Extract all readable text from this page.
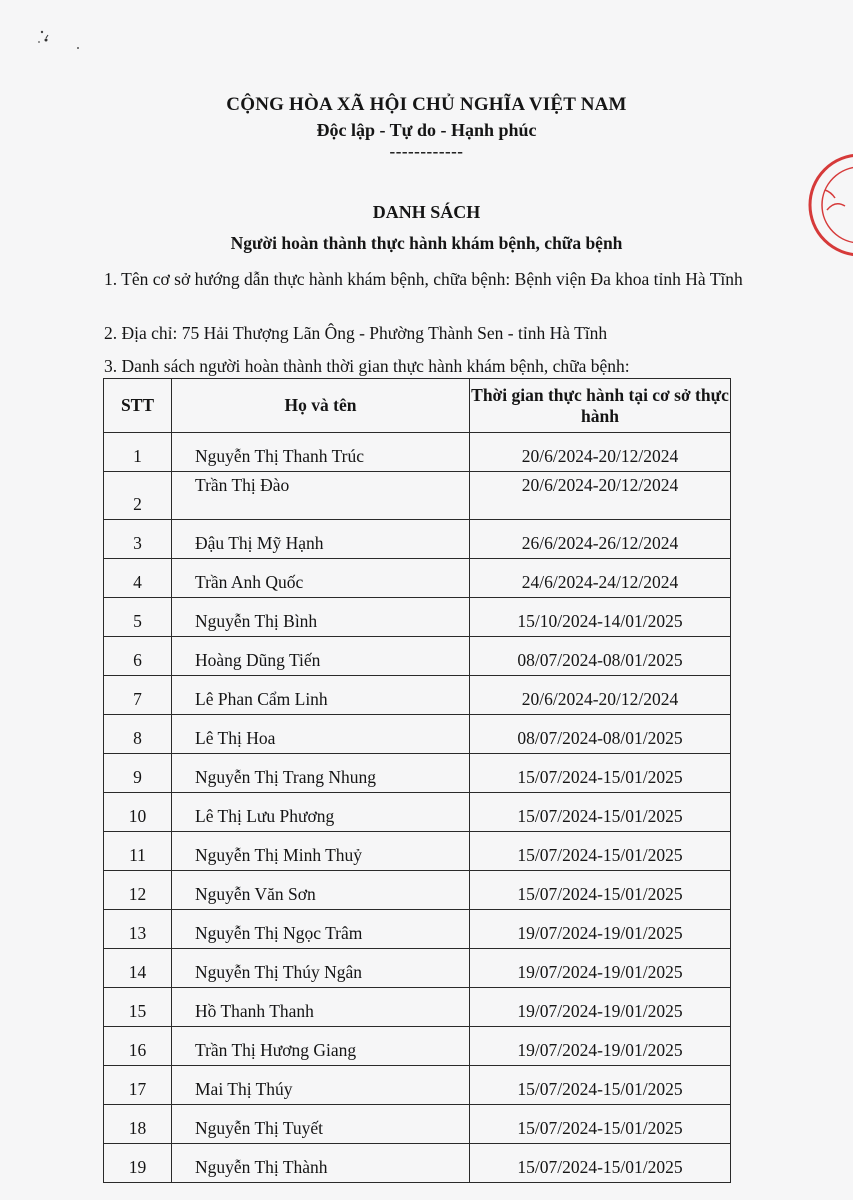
CỘNG HÒA XÃ HỘI CHỦ NGHĨA VIỆT NAM
Độc lập - Tự do - Hạnh phúc
------------
DANH SÁCH
Người hoàn thành thực hành khám bệnh, chữa bệnh
1. Tên cơ sở hướng dẫn thực hành khám bệnh, chữa bệnh: Bệnh viện Đa khoa tỉnh Hà Tĩnh
2. Địa chỉ: 75 Hải Thượng Lãn Ông - Phường Thành Sen - tỉnh Hà Tĩnh
3. Danh sách người hoàn thành thời gian thực hành khám bệnh, chữa bệnh:
STT	Họ và tên	Thời gian thực hành tại cơ sở thực hành
1	Nguyễn Thị Thanh Trúc	20/6/2024-20/12/2024
2	Trần Thị Đào	20/6/2024-20/12/2024
3	Đậu Thị Mỹ Hạnh	26/6/2024-26/12/2024
4	Trần Anh Quốc	24/6/2024-24/12/2024
5	Nguyễn Thị Bình	15/10/2024-14/01/2025
6	Hoàng Dũng Tiến	08/07/2024-08/01/2025
7	Lê Phan Cẩm Linh	20/6/2024-20/12/2024
8	Lê Thị Hoa	08/07/2024-08/01/2025
9	Nguyễn Thị Trang Nhung	15/07/2024-15/01/2025
10	Lê Thị Lưu Phương	15/07/2024-15/01/2025
11	Nguyễn Thị Minh Thuỷ	15/07/2024-15/01/2025
12	Nguyễn Văn Sơn	15/07/2024-15/01/2025
13	Nguyễn Thị Ngọc Trâm	19/07/2024-19/01/2025
14	Nguyễn Thị Thúy Ngân	19/07/2024-19/01/2025
15	Hồ Thanh Thanh	19/07/2024-19/01/2025
16	Trần Thị Hương Giang	19/07/2024-19/01/2025
17	Mai Thị Thúy	15/07/2024-15/01/2025
18	Nguyễn Thị Tuyết	15/07/2024-15/01/2025
19	Nguyễn Thị Thành	15/07/2024-15/01/2025
